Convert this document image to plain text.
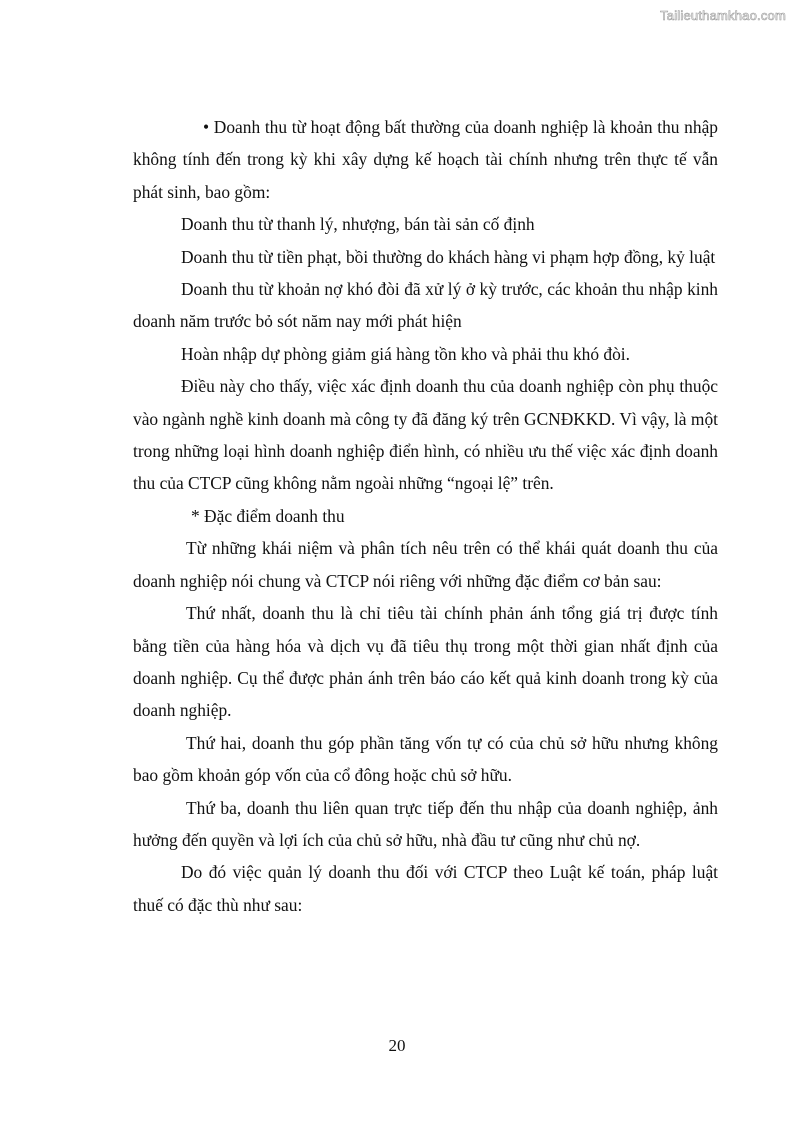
Tailieuthamkhao.com

• Doanh thu từ hoạt động bất thường của doanh nghiệp là khoản thu nhập không tính đến trong kỳ khi xây dựng kế hoạch tài chính nhưng trên thực tế vẫn phát sinh, bao gồm:

Doanh thu từ thanh lý, nhượng, bán tài sản cố định

Doanh thu từ tiền phạt, bồi thường do khách hàng vi phạm hợp đồng, kỷ luật

Doanh thu từ khoản nợ khó đòi đã xử lý ở kỳ trước, các khoản thu nhập kinh doanh năm trước bỏ sót năm nay mới phát hiện

Hoàn nhập dự phòng giảm giá hàng tồn kho và phải thu khó đòi.

Điều này cho thấy, việc xác định doanh thu của doanh nghiệp còn phụ thuộc vào ngành nghề kinh doanh mà công ty đã đăng ký trên GCNĐKKD. Vì vậy, là một trong những loại hình doanh nghiệp điển hình, có nhiều ưu thế việc xác định doanh thu của CTCP cũng không nằm ngoài những “ngoại lệ” trên.

* Đặc điểm doanh thu

Từ những khái niệm và phân tích nêu trên có thể khái quát doanh thu của doanh nghiệp nói chung và CTCP nói riêng với những đặc điểm cơ bản sau:

Thứ nhất, doanh thu là chỉ tiêu tài chính phản ánh tổng giá trị được tính bằng tiền của hàng hóa và dịch vụ đã tiêu thụ trong một thời gian nhất định của doanh nghiệp. Cụ thể được phản ánh trên báo cáo kết quả kinh doanh trong kỳ của doanh nghiệp.

Thứ hai, doanh thu góp phần tăng vốn tự có của chủ sở hữu nhưng không bao gồm khoản góp vốn của cổ đông hoặc chủ sở hữu.

Thứ ba, doanh thu liên quan trực tiếp đến thu nhập của doanh nghiệp, ảnh hưởng đến quyền và lợi ích của chủ sở hữu, nhà đầu tư cũng như chủ nợ.

Do đó việc quản lý doanh thu đối với CTCP theo Luật kế toán, pháp luật thuế có đặc thù như sau:

20
